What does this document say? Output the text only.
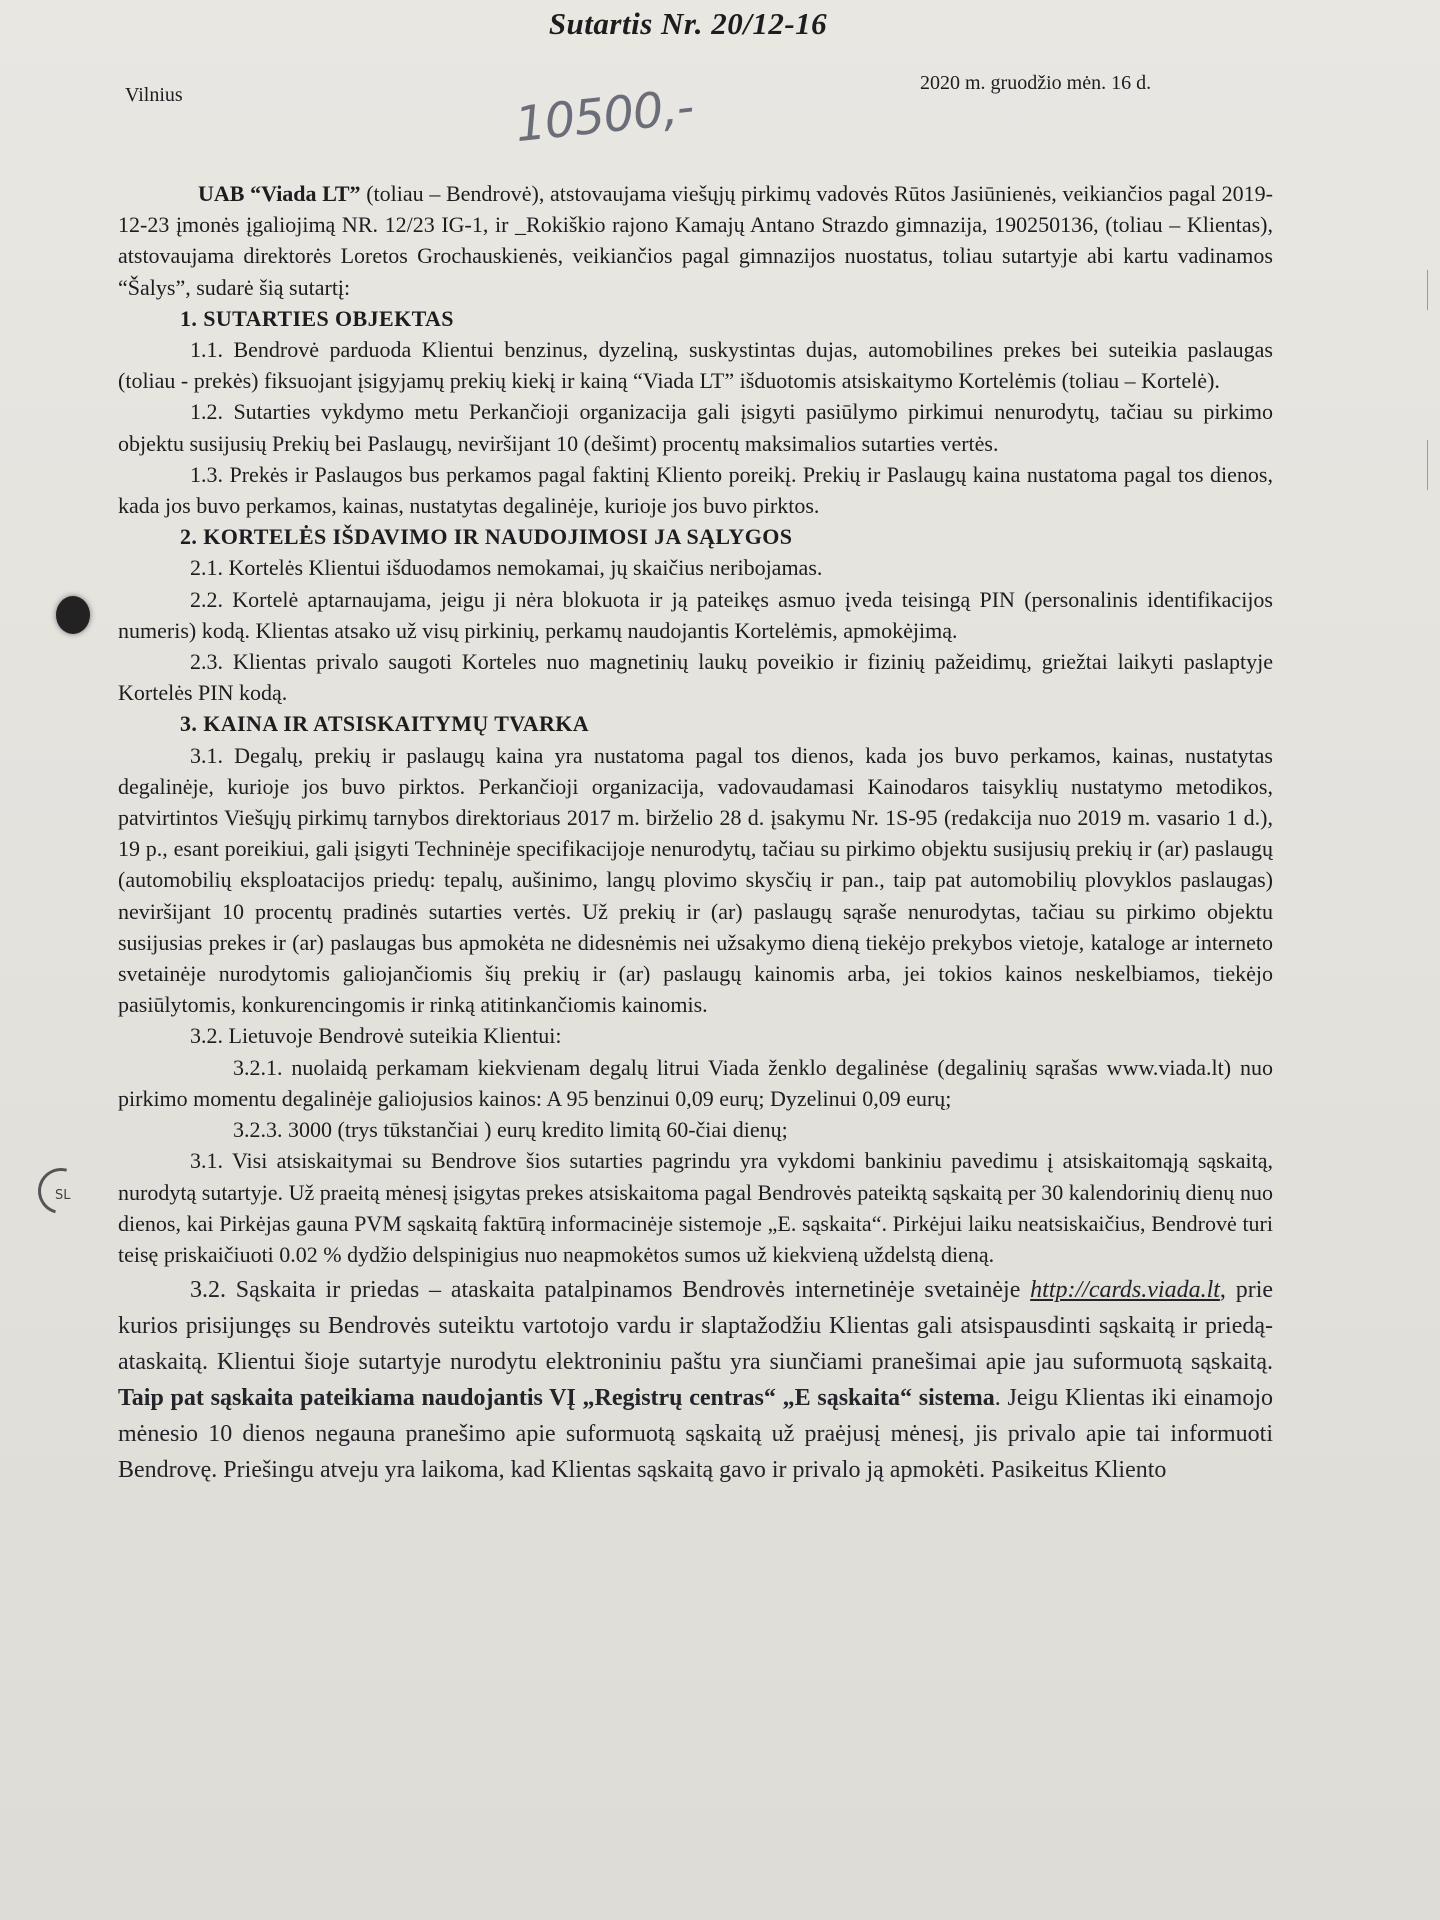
Sutartis Nr. 20/12-16
Vilnius
2020 m. gruodžio mėn. 16 d.
10500,-
SL

UAB “Viada LT” (toliau – Bendrovė), atstovaujama viešųjų pirkimų vadovės Rūtos Jasiūnienės, veikiančios pagal 2019-12-23 įmonės įgaliojimą NR. 12/23 IG-1, ir _Rokiškio rajono Kamajų Antano Strazdo gimnazija, 190250136, (toliau – Klientas), atstovaujama direktorės Loretos Grochauskienės, veikiančios pagal gimnazijos nuostatus, toliau sutartyje abi kartu vadinamos “Šalys”, sudarė šią sutartį:

1. SUTARTIES OBJEKTAS

1.1. Bendrovė parduoda Klientui benzinus, dyzeliną, suskystintas dujas, automobilines prekes bei suteikia paslaugas (toliau - prekės) fiksuojant įsigyjamų prekių kiekį ir kainą “Viada LT” išduotomis atsiskaitymo Kortelėmis (toliau – Kortelė).

1.2. Sutarties vykdymo metu Perkančioji organizacija gali įsigyti pasiūlymo pirkimui nenurodytų, tačiau su pirkimo objektu susijusių Prekių bei Paslaugų, neviršijant 10 (dešimt) procentų maksimalios sutarties vertės.

1.3. Prekės ir Paslaugos bus perkamos pagal faktinį Kliento poreikį. Prekių ir Paslaugų kaina nustatoma pagal tos dienos, kada jos buvo perkamos, kainas, nustatytas degalinėje, kurioje jos buvo pirktos.

2. KORTELĖS IŠDAVIMO IR NAUDOJIMOSI JA SĄLYGOS

2.1. Kortelės Klientui išduodamos nemokamai, jų skaičius neribojamas.

2.2. Kortelė aptarnaujama, jeigu ji nėra blokuota ir ją pateikęs asmuo įveda teisingą PIN (personalinis identifikacijos numeris) kodą. Klientas atsako už visų pirkinių, perkamų naudojantis Kortelėmis, apmokėjimą.

2.3. Klientas privalo saugoti Korteles nuo magnetinių laukų poveikio ir fizinių pažeidimų, griežtai laikyti paslaptyje Kortelės PIN kodą.

3. KAINA IR ATSISKAITYMŲ TVARKA

3.1. Degalų, prekių ir paslaugų kaina yra nustatoma pagal tos dienos, kada jos buvo perkamos, kainas, nustatytas degalinėje, kurioje jos buvo pirktos. Perkančioji organizacija, vadovaudamasi Kainodaros taisyklių nustatymo metodikos, patvirtintos Viešųjų pirkimų tarnybos direktoriaus 2017 m. birželio 28 d. įsakymu Nr. 1S-95 (redakcija nuo 2019 m. vasario 1 d.), 19 p., esant poreikiui, gali įsigyti Techninėje specifikacijoje nenurodytų, tačiau su pirkimo objektu susijusių prekių ir (ar) paslaugų (automobilių eksploatacijos priedų: tepalų, aušinimo, langų plovimo skysčių ir pan., taip pat automobilių plovyklos paslaugas) neviršijant 10 procentų pradinės sutarties vertės. Už prekių ir (ar) paslaugų sąraše nenurodytas, tačiau su pirkimo objektu susijusias prekes ir (ar) paslaugas bus apmokėta ne didesnėmis nei užsakymo dieną tiekėjo prekybos vietoje, kataloge ar interneto svetainėje nurodytomis galiojančiomis šių prekių ir (ar) paslaugų kainomis arba, jei tokios kainos neskelbiamos, tiekėjo pasiūlytomis, konkurencingomis ir rinką atitinkančiomis kainomis.

3.2. Lietuvoje Bendrovė suteikia Klientui:

3.2.1. nuolaidą perkamam kiekvienam degalų litrui Viada ženklo degalinėse (degalinių sąrašas www.viada.lt) nuo pirkimo momentu degalinėje galiojusios kainos: A 95 benzinui 0,09 eurų; Dyzelinui 0,09 eurų;

3.2.3. 3000 (trys tūkstančiai ) eurų kredito limitą 60-čiai dienų;

3.1. Visi atsiskaitymai su Bendrove šios sutarties pagrindu yra vykdomi bankiniu pavedimu į atsiskaitomąją sąskaitą, nurodytą sutartyje. Už praeitą mėnesį įsigytas prekes atsiskaitoma pagal Bendrovės pateiktą sąskaitą per 30 kalendorinių dienų nuo dienos, kai Pirkėjas gauna PVM sąskaitą faktūrą informacinėje sistemoje „E. sąskaita“. Pirkėjui laiku neatsiskaičius, Bendrovė turi teisę priskaičiuoti 0.02 % dydžio delspinigius nuo neapmokėtos sumos už kiekvieną uždelstą dieną.

3.2. Sąskaita ir priedas – ataskaita patalpinamos Bendrovės internetinėje svetainėje http://cards.viada.lt, prie kurios prisijungęs su Bendrovės suteiktu vartotojo vardu ir slaptažodžiu Klientas gali atsispausdinti sąskaitą ir priedą-ataskaitą. Klientui šioje sutartyje nurodytu elektroniniu paštu yra siunčiami pranešimai apie jau suformuotą sąskaitą. Taip pat sąskaita pateikiama naudojantis VĮ „Registrų centras“ „E sąskaita“ sistema. Jeigu Klientas iki einamojo mėnesio 10 dienos negauna pranešimo apie suformuotą sąskaitą už praėjusį mėnesį, jis privalo apie tai informuoti Bendrovę. Priešingu atveju yra laikoma, kad Klientas sąskaitą gavo ir privalo ją apmokėti. Pasikeitus Kliento
